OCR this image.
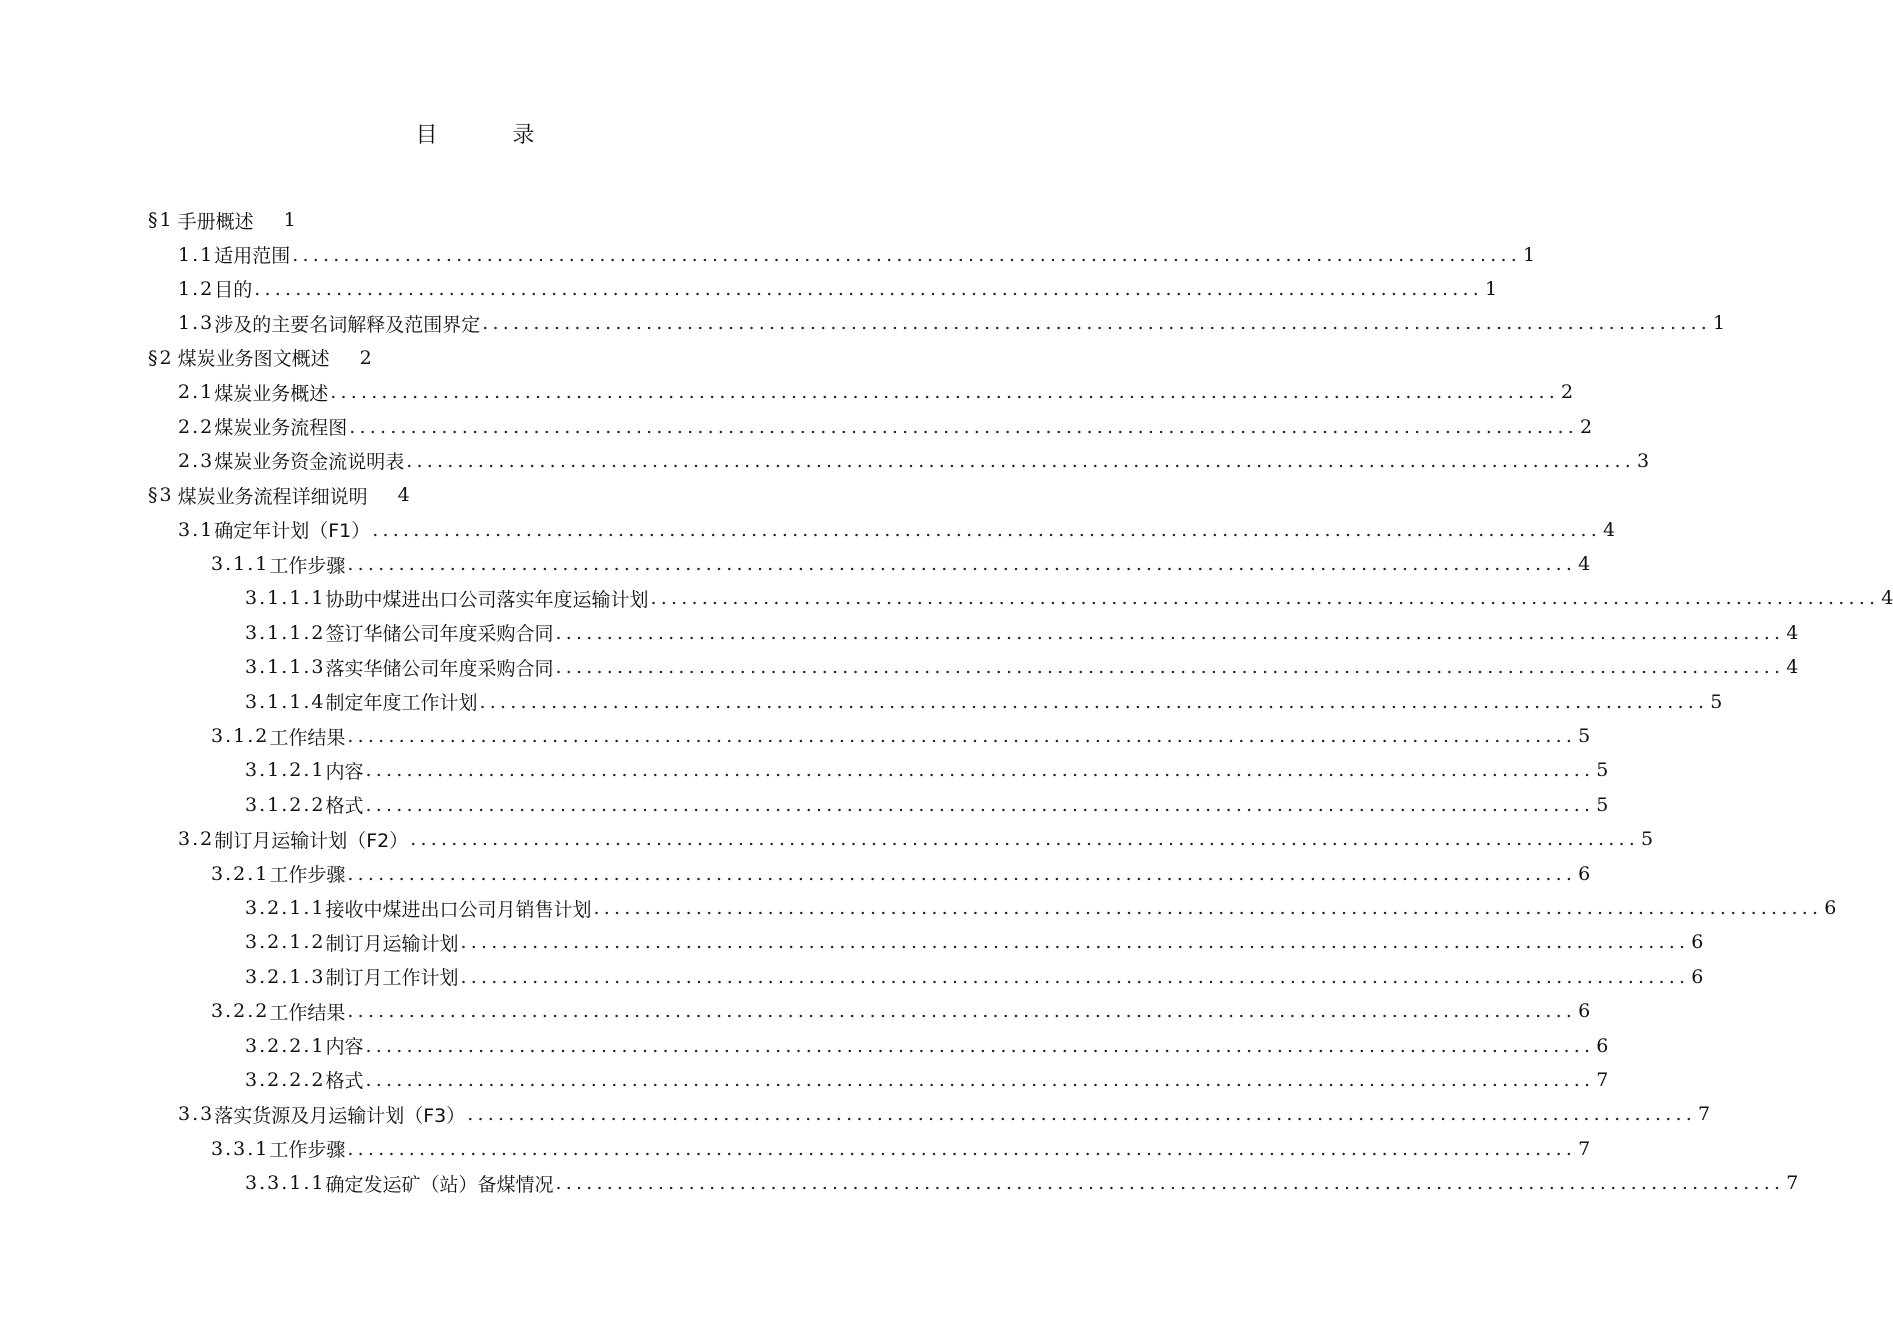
目 录
§1 手册概述 1
1.1 适用范围 ........................................................................................................................ 1
1.2 目的 ........................................................................................................................ 1
1.3 涉及的主要名词解释及范围界定 ........................................................................................................................ 1
§2 煤炭业务图文概述 2
2.1 煤炭业务概述 ........................................................................................................................ 2
2.2 煤炭业务流程图 ........................................................................................................................ 2
2.3 煤炭业务资金流说明表 ........................................................................................................................ 3
§3 煤炭业务流程详细说明 4
3.1 确定年计划（F1） ........................................................................................................................ 4
3.1.1 工作步骤 ........................................................................................................................ 4
3.1.1.1 协助中煤进出口公司落实年度运输计划 ........................................................................................................................ 4
3.1.1.2 签订华储公司年度采购合同 ........................................................................................................................ 4
3.1.1.3 落实华储公司年度采购合同 ........................................................................................................................ 4
3.1.1.4 制定年度工作计划 ........................................................................................................................ 5
3.1.2 工作结果 ........................................................................................................................ 5
3.1.2.1 内容 ........................................................................................................................ 5
3.1.2.2 格式 ........................................................................................................................ 5
3.2 制订月运输计划（F2） ........................................................................................................................ 5
3.2.1 工作步骤 ........................................................................................................................ 6
3.2.1.1 接收中煤进出口公司月销售计划 ........................................................................................................................ 6
3.2.1.2 制订月运输计划 ........................................................................................................................ 6
3.2.1.3 制订月工作计划 ........................................................................................................................ 6
3.2.2 工作结果 ........................................................................................................................ 6
3.2.2.1 内容 ........................................................................................................................ 6
3.2.2.2 格式 ........................................................................................................................ 7
3.3 落实货源及月运输计划（F3） ........................................................................................................................ 7
3.3.1 工作步骤 ........................................................................................................................ 7
3.3.1.1 确定发运矿（站）备煤情况 ........................................................................................................................ 7
